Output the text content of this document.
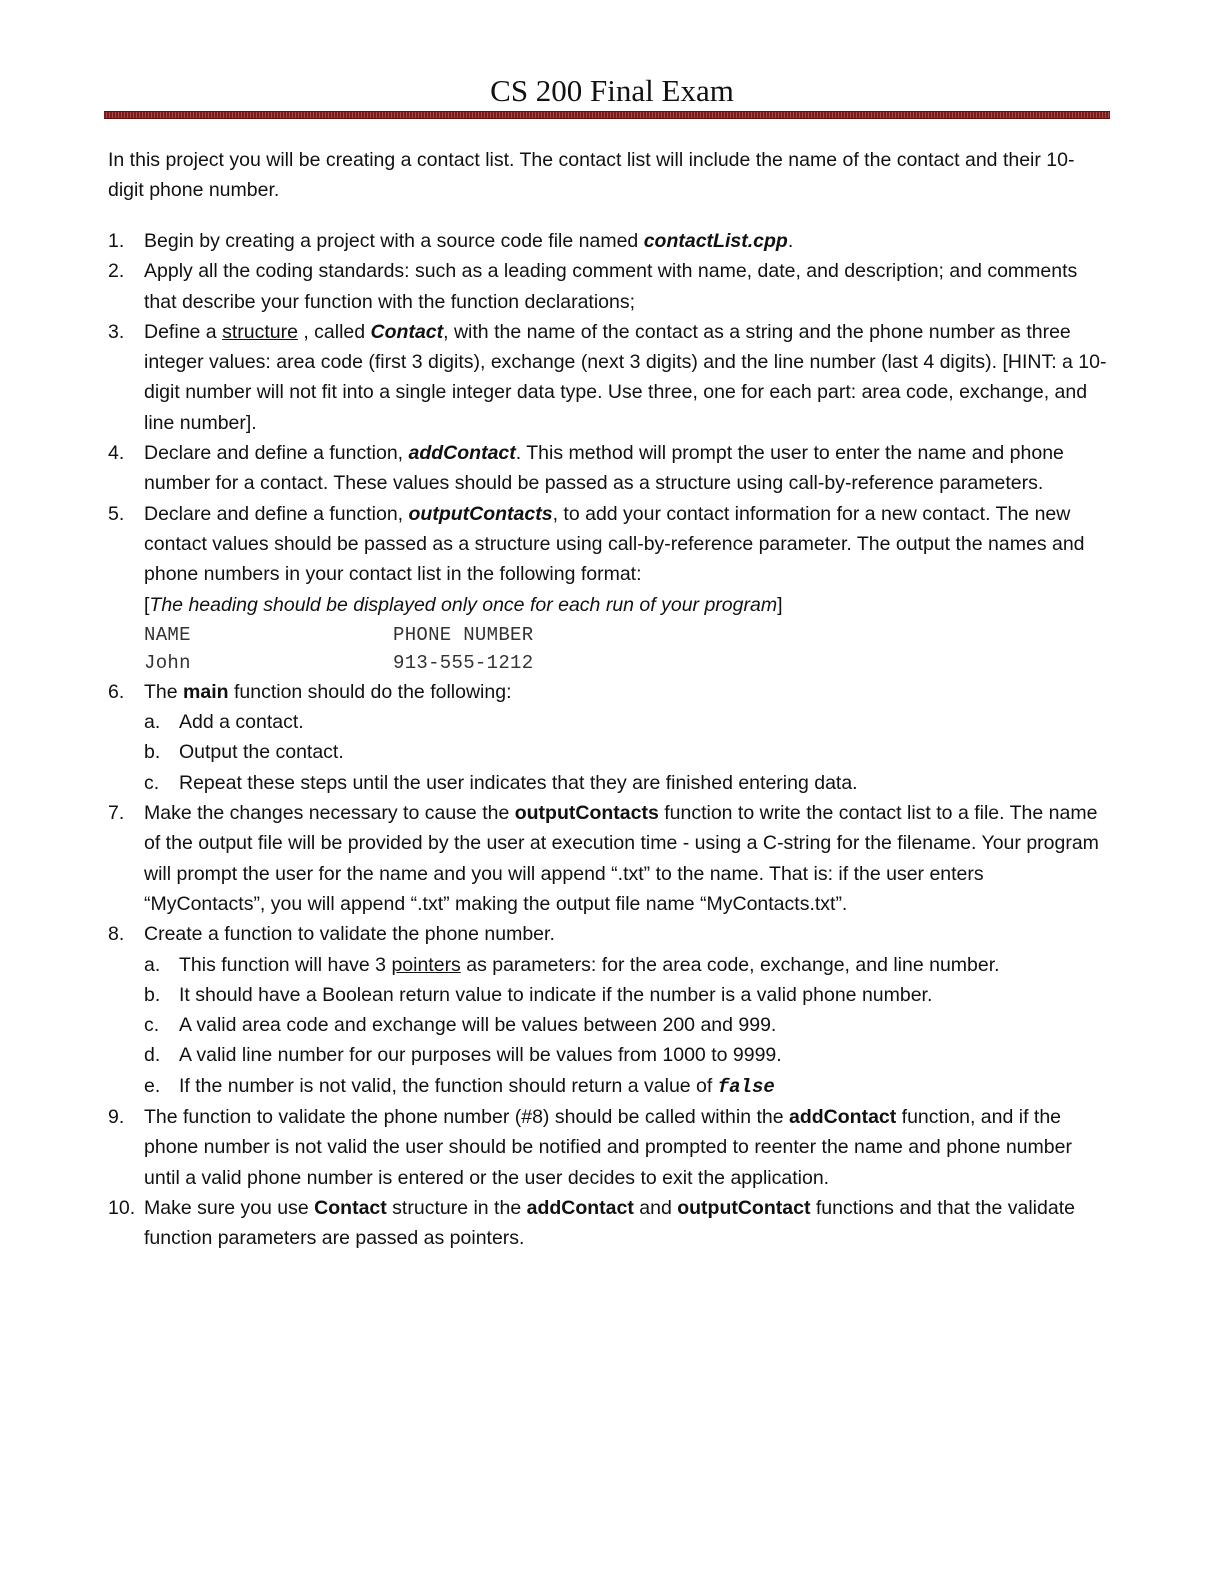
CS 200 Final Exam
In this project you will be creating a contact list. The contact list will include the name of the contact and their 10-digit phone number.
1. Begin by creating a project with a source code file named contactList.cpp.
2. Apply all the coding standards: such as a leading comment with name, date, and description; and comments that describe your function with the function declarations;
3. Define a structure , called Contact, with the name of the contact as a string and the phone number as three integer values: area code (first 3 digits), exchange (next 3 digits) and the line number (last 4 digits). [HINT: a 10-digit number will not fit into a single integer data type. Use three, one for each part: area code, exchange, and line number].
4. Declare and define a function, addContact. This method will prompt the user to enter the name and phone number for a contact. These values should be passed as a structure using call-by-reference parameters.
5. Declare and define a function, outputContacts, to add your contact information for a new contact. The new contact values should be passed as a structure using call-by-reference parameter. The output the names and phone numbers in your contact list in the following format:
[The heading should be displayed only once for each run of your program]
NAME	PHONE NUMBER
John	913-555-1212
6. The main function should do the following:
a. Add a contact.
b. Output the contact.
c. Repeat these steps until the user indicates that they are finished entering data.
7. Make the changes necessary to cause the outputContacts function to write the contact list to a file. The name of the output file will be provided by the user at execution time - using a C-string for the filename. Your program will prompt the user for the name and you will append “.txt” to the name. That is: if the user enters “MyContacts”, you will append “.txt” making the output file name “MyContacts.txt”.
8. Create a function to validate the phone number.
a. This function will have 3 pointers as parameters: for the area code, exchange, and line number.
b. It should have a Boolean return value to indicate if the number is a valid phone number.
c. A valid area code and exchange will be values between 200 and 999.
d. A valid line number for our purposes will be values from 1000 to 9999.
e. If the number is not valid, the function should return a value of false
9. The function to validate the phone number (#8) should be called within the addContact function, and if the phone number is not valid the user should be notified and prompted to reenter the name and phone number until a valid phone number is entered or the user decides to exit the application.
10. Make sure you use Contact structure in the addContact and outputContact functions and that the validate function parameters are passed as pointers.
